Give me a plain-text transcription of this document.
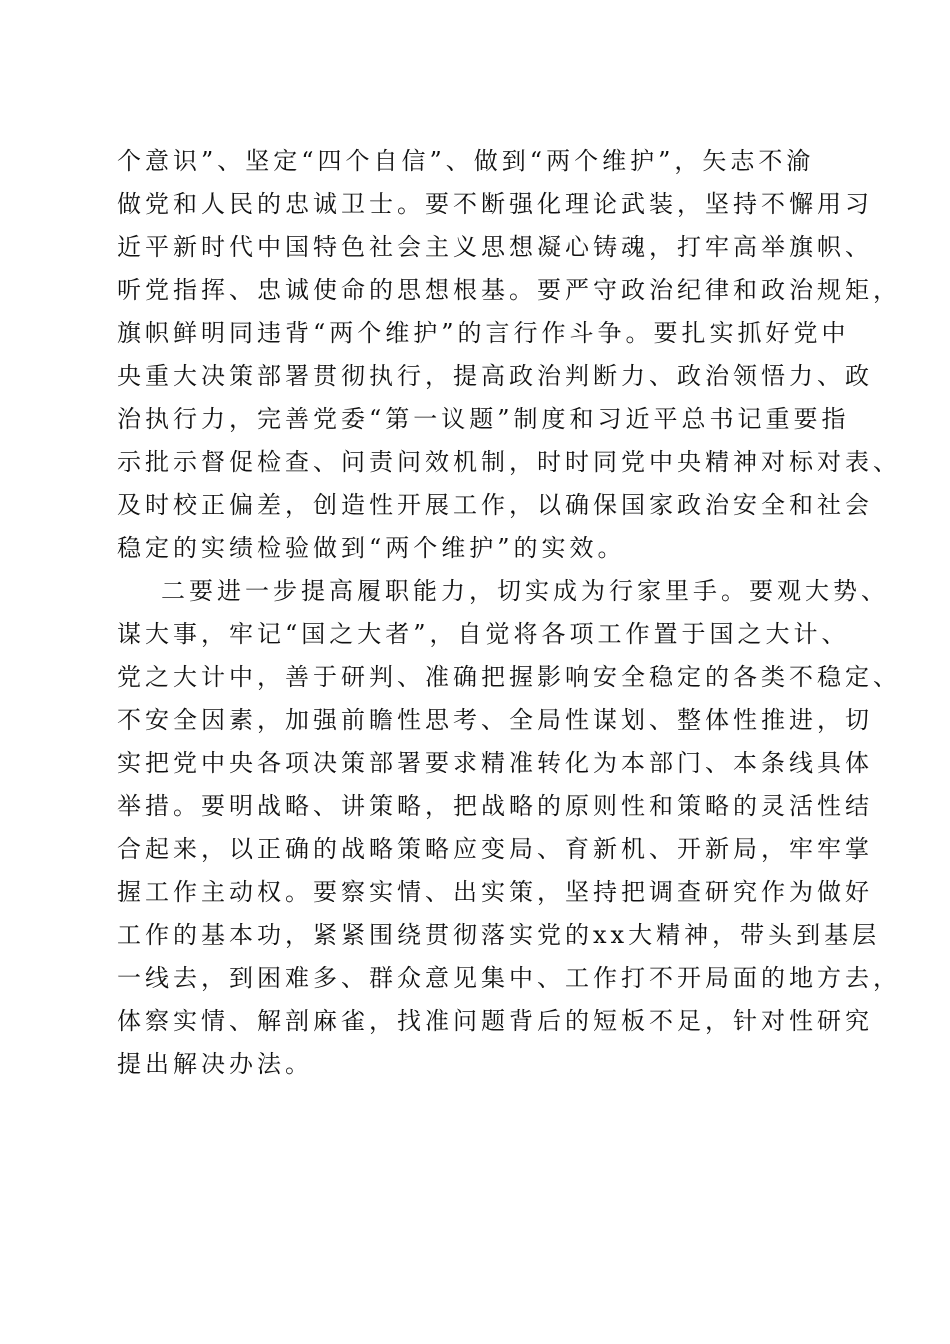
个意识”、坚定“四个自信”、做到“两个维护”，矢志不渝
做党和人民的忠诚卫士。要不断强化理论武装，坚持不懈用习
近平新时代中国特色社会主义思想凝心铸魂，打牢高举旗帜、
听党指挥、忠诚使命的思想根基。要严守政治纪律和政治规矩，
旗帜鲜明同违背“两个维护”的言行作斗争。要扎实抓好党中
央重大决策部署贯彻执行，提高政治判断力、政治领悟力、政
治执行力，完善党委“第一议题”制度和习近平总书记重要指
示批示督促检查、问责问效机制，时时同党中央精神对标对表、
及时校正偏差，创造性开展工作，以确保国家政治安全和社会
稳定的实绩检验做到“两个维护”的实效。
二要进一步提高履职能力，切实成为行家里手。要观大势、
谋大事，牢记“国之大者”，自觉将各项工作置于国之大计、
党之大计中，善于研判、准确把握影响安全稳定的各类不稳定、
不安全因素，加强前瞻性思考、全局性谋划、整体性推进，切
实把党中央各项决策部署要求精准转化为本部门、本条线具体
举措。要明战略、讲策略，把战略的原则性和策略的灵活性结
合起来，以正确的战略策略应变局、育新机、开新局，牢牢掌
握工作主动权。要察实情、出实策，坚持把调查研究作为做好
工作的基本功，紧紧围绕贯彻落实党的xx大精神，带头到基层
一线去，到困难多、群众意见集中、工作打不开局面的地方去，
体察实情、解剖麻雀，找准问题背后的短板不足，针对性研究
提出解决办法。
